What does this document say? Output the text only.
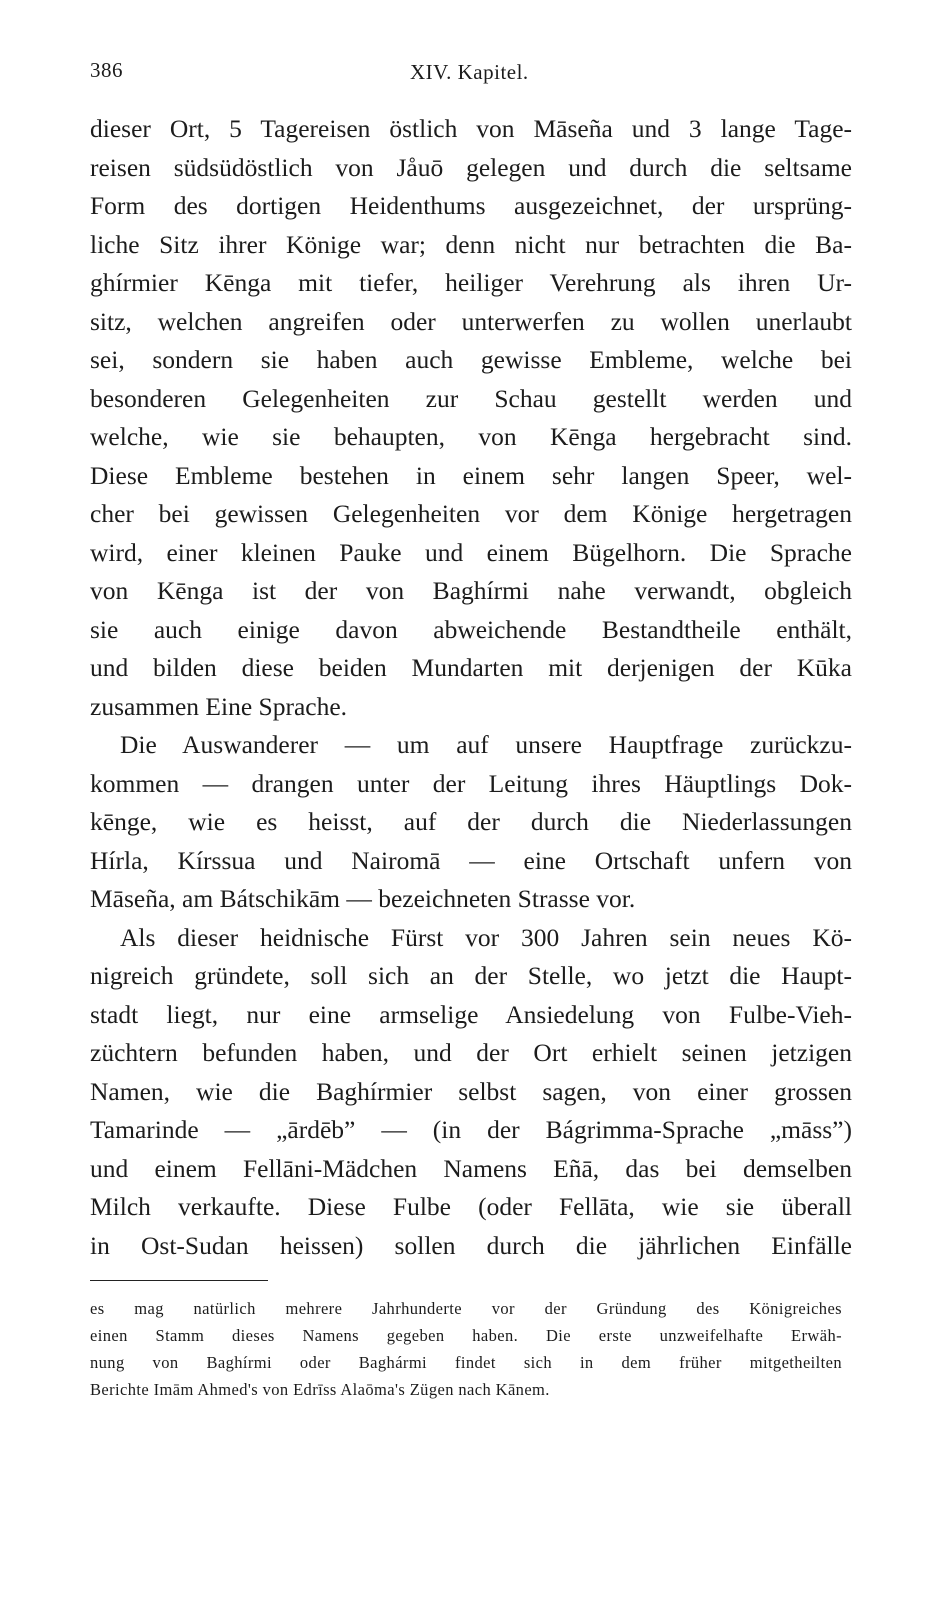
386	XIV. Kapitel.
dieser Ort, 5 Tagereisen östlich von Māseña und 3 lange Tage-
reisen südsüdöstlich von Jåuō gelegen und durch die seltsame
Form des dortigen Heidenthums ausgezeichnet, der ursprüng-
liche Sitz ihrer Könige war; denn nicht nur betrachten die Ba-
ghírmier Kēnga mit tiefer, heiliger Verehrung als ihren Ur-
sitz, welchen angreifen oder unterwerfen zu wollen unerlaubt
sei, sondern sie haben auch gewisse Embleme, welche bei
besonderen Gelegenheiten zur Schau gestellt werden und
welche, wie sie behaupten, von Kēnga hergebracht sind.
Diese Embleme bestehen in einem sehr langen Speer, wel-
cher bei gewissen Gelegenheiten vor dem Könige hergetragen
wird, einer kleinen Pauke und einem Bügelhorn. Die Sprache
von Kēnga ist der von Baghírmi nahe verwandt, obgleich
sie auch einige davon abweichende Bestandtheile enthält,
und bilden diese beiden Mundarten mit derjenigen der Kūka
zusammen Eine Sprache.
Die Auswanderer — um auf unsere Hauptfrage zurückzu-
kommen — drangen unter der Leitung ihres Häuptlings Dok-
kēnge, wie es heisst, auf der durch die Niederlassungen
Hírla, Kírssua und Nairomā — eine Ortschaft unfern von
Māseña, am Bátschikām — bezeichneten Strasse vor.
Als dieser heidnische Fürst vor 300 Jahren sein neues Kö-
nigreich gründete, soll sich an der Stelle, wo jetzt die Haupt-
stadt liegt, nur eine armselige Ansiedelung von Fulbe-Vieh-
züchtern befunden haben, und der Ort erhielt seinen jetzigen
Namen, wie die Baghírmier selbst sagen, von einer grossen
Tamarinde — „ārdēb” — (in der Bágrimma-Sprache „māss”)
und einem Fellāni-Mädchen Namens Eñā, das bei demselben
Milch verkaufte. Diese Fulbe (oder Fellāta, wie sie überall
in Ost-Sudan heissen) sollen durch die jährlichen Einfälle
es mag natürlich mehrere Jahrhunderte vor der Gründung des Königreiches
einen Stamm dieses Namens gegeben haben. Die erste unzweifelhafte Erwäh-
nung von Baghírmi oder Baghármi findet sich in dem früher mitgetheilten
Berichte Imām Ahmed's von Edrīss Alaōma's Zügen nach Kānem.
